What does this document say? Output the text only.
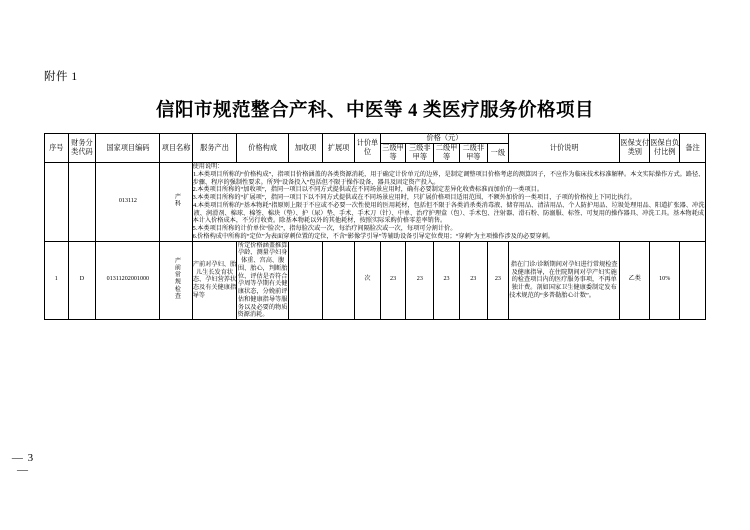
附件 1
信阳市规范整合产科、中医等 4 类医疗服务价格项目
— 3 —
序号	财务分类代码	国家项目编码	项目名称	服务产出	价格构成	加收项	扩展项	计价单位	价格（元）					计价说明	医保支付类别	医保自负付比例	备注
									三级甲等	三级非甲等	二级甲等	二级非甲等	一级				
		013112	产科	

使用说明：

1.本类项目所称的“价格构成”，指项目价格涵盖的各类资源消耗，用于确定计价单元的边界，是制定调整项目价格考虑的测算因子，不应作为临床技术标准解释。本文实际操作方式。路径、步骤、程序的强制性要求。所列“设备投入”包括但不限于操作设备、器具及固定资产投入。

2.本类项目所称的“加收项”，指同一项目以不同方式提供或在不同场景应用时，确有必要制定差异化收费标准而加价的一类项目。

3.本类项目所称的“扩展项”，指同一项目下以不同方式提供或在不同场景应用时，只扩展价格项目适用范围，不额外加价的一类项目，子项的价格按上下同比执行。

4.本类项目所称的“基本物耗”指原则上限于不应或不必要一次性使用的医用耗材，包括但不限于各类消杀类消毒液、储存用品、清洁用品、个人防护用品、垃圾处理用品、阳道扩张器、冲洗液、润滑剂、棉球、棉签、棉块（垫）、护（尿）垫、手术、手术刀（针）、中单、治疗护理盒（包）、手术包、注射器、滑石粉、防溺服、标签、可复用的操作器具、冲洗工具。基本物耗成本计入价格成本，不另行收费。除基本物耗以外的其他耗材，按照实际采购价格零差率销售。

5.本类项目所称的计价单位“脸次”，指每脸次或一次，每治疗间隔脸次或一次，每项可分割计价。

6.价格构成中所称的“定位”为表面穿刺位置的定位，不含“影像学引导”等辅助设备引导定位费用；“穿刺”为主项操作涉及的必要穿刺。

1	D	01311202001000	产前常规检查	产前对孕妇、胎儿生长发育状态、孕妇营养状态及有关健康指导等	所定价格涵盖推算孕龄、测量孕妇身体重、宫高、腹围、胎心，判断胎位、评估是否符合孕周等孕期有关健康状态，分娩前评估和健康指导等服务以及必要的物质资源消耗。			次	23	23	23	23	23	指在门诊/诊断期间对孕妇进行常规检查及健康指导，在住院期间对孕产妇实施的检查项目内的医疗服务事项，不再单独计费。剖如国家卫生健康委制定发布技术规范的“多普勒胎心计数”。	乙类	10%	
